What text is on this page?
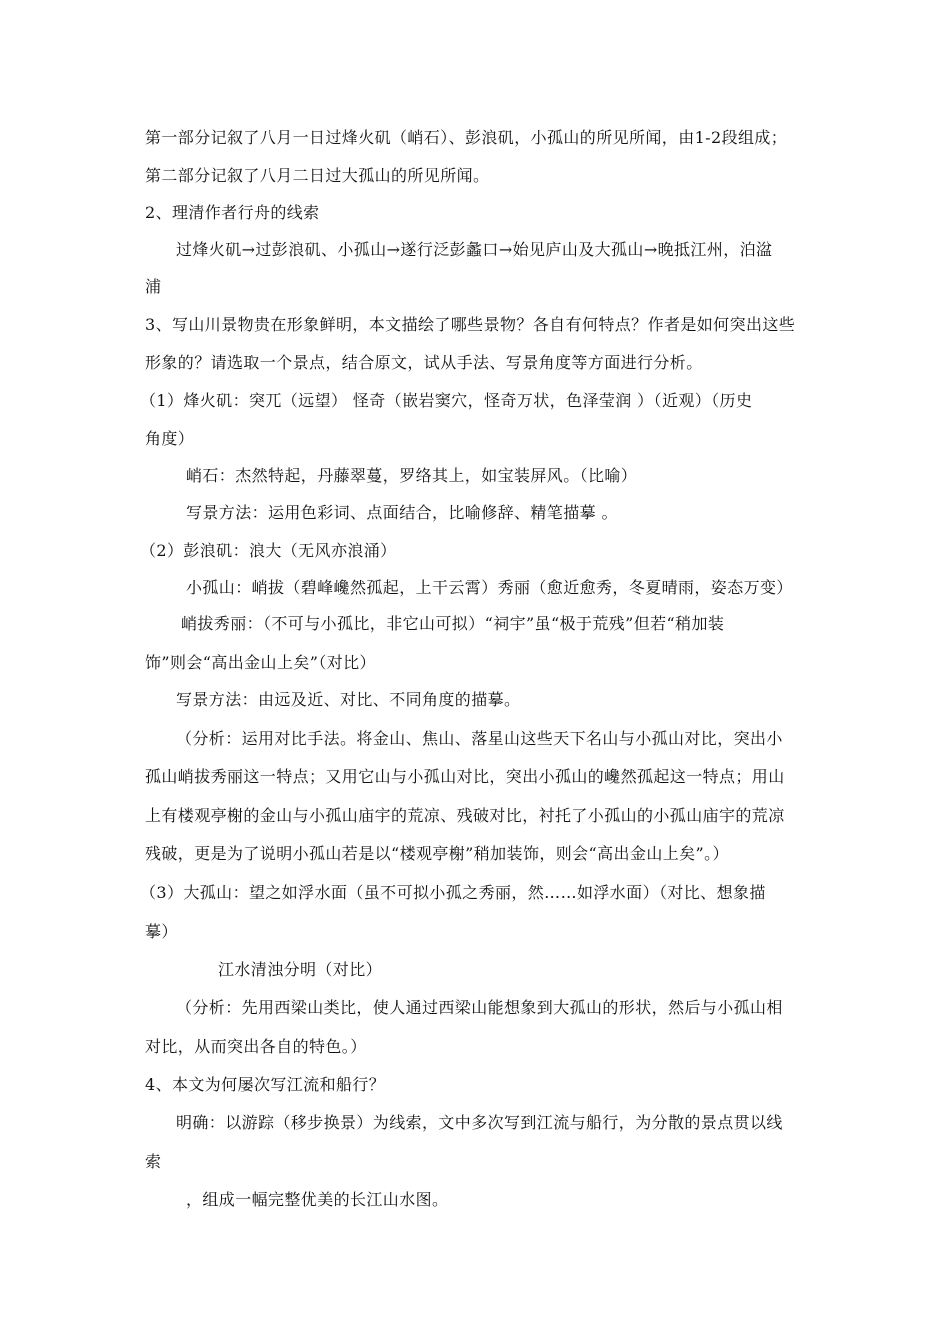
第一部分记叙了八月一日过烽火矶（峭石）、彭浪矶，小孤山的所见所闻，由1-2段组成；
第二部分记叙了八月二日过大孤山的所见所闻。
2、理清作者行舟的线索
过烽火矶→过彭浪矶、小孤山→遂行泛彭蠡口→始见庐山及大孤山→晚抵江州，泊湓
浦
3、写山川景物贵在形象鲜明，本文描绘了哪些景物？各自有何特点？作者是如何突出这些
形象的？请选取一个景点，结合原文，试从手法、写景角度等方面进行分析。
（1）烽火矶：突兀（远望） 怪奇（嵌岩窦穴，怪奇万状，色泽莹润 ）（近观）（历史
角度）
峭石：杰然特起，丹藤翠蔓，罗络其上，如宝装屏风。（比喻）
写景方法：运用色彩词、点面结合，比喻修辞、精笔描摹 。
（2）彭浪矶：浪大（无风亦浪涌）
小孤山：峭拔（碧峰巉然孤起，上干云霄）秀丽（愈近愈秀，冬夏晴雨，姿态万变）
峭拔秀丽：（不可与小孤比，非它山可拟）“祠宇”虽“极于荒残”但若“稍加装
饰”则会“高出金山上矣”（对比）
写景方法：由远及近、对比、不同角度的描摹。
（分析：运用对比手法。将金山、焦山、落星山这些天下名山与小孤山对比，突出小
孤山峭拔秀丽这一特点；又用它山与小孤山对比，突出小孤山的巉然孤起这一特点；用山
上有楼观亭榭的金山与小孤山庙宇的荒凉、残破对比，衬托了小孤山的小孤山庙宇的荒凉
残破，更是为了说明小孤山若是以“楼观亭榭”稍加装饰，则会“高出金山上矣”。）
（3）大孤山：望之如浮水面（虽不可拟小孤之秀丽，然……如浮水面）（对比、想象描
摹）
江水清浊分明（对比）
（分析：先用西梁山类比，使人通过西梁山能想象到大孤山的形状，然后与小孤山相
对比，从而突出各自的特色。）
4、本文为何屡次写江流和船行？
明确：以游踪（移步换景）为线索，文中多次写到江流与船行，为分散的景点贯以线
索
，组成一幅完整优美的长江山水图。
